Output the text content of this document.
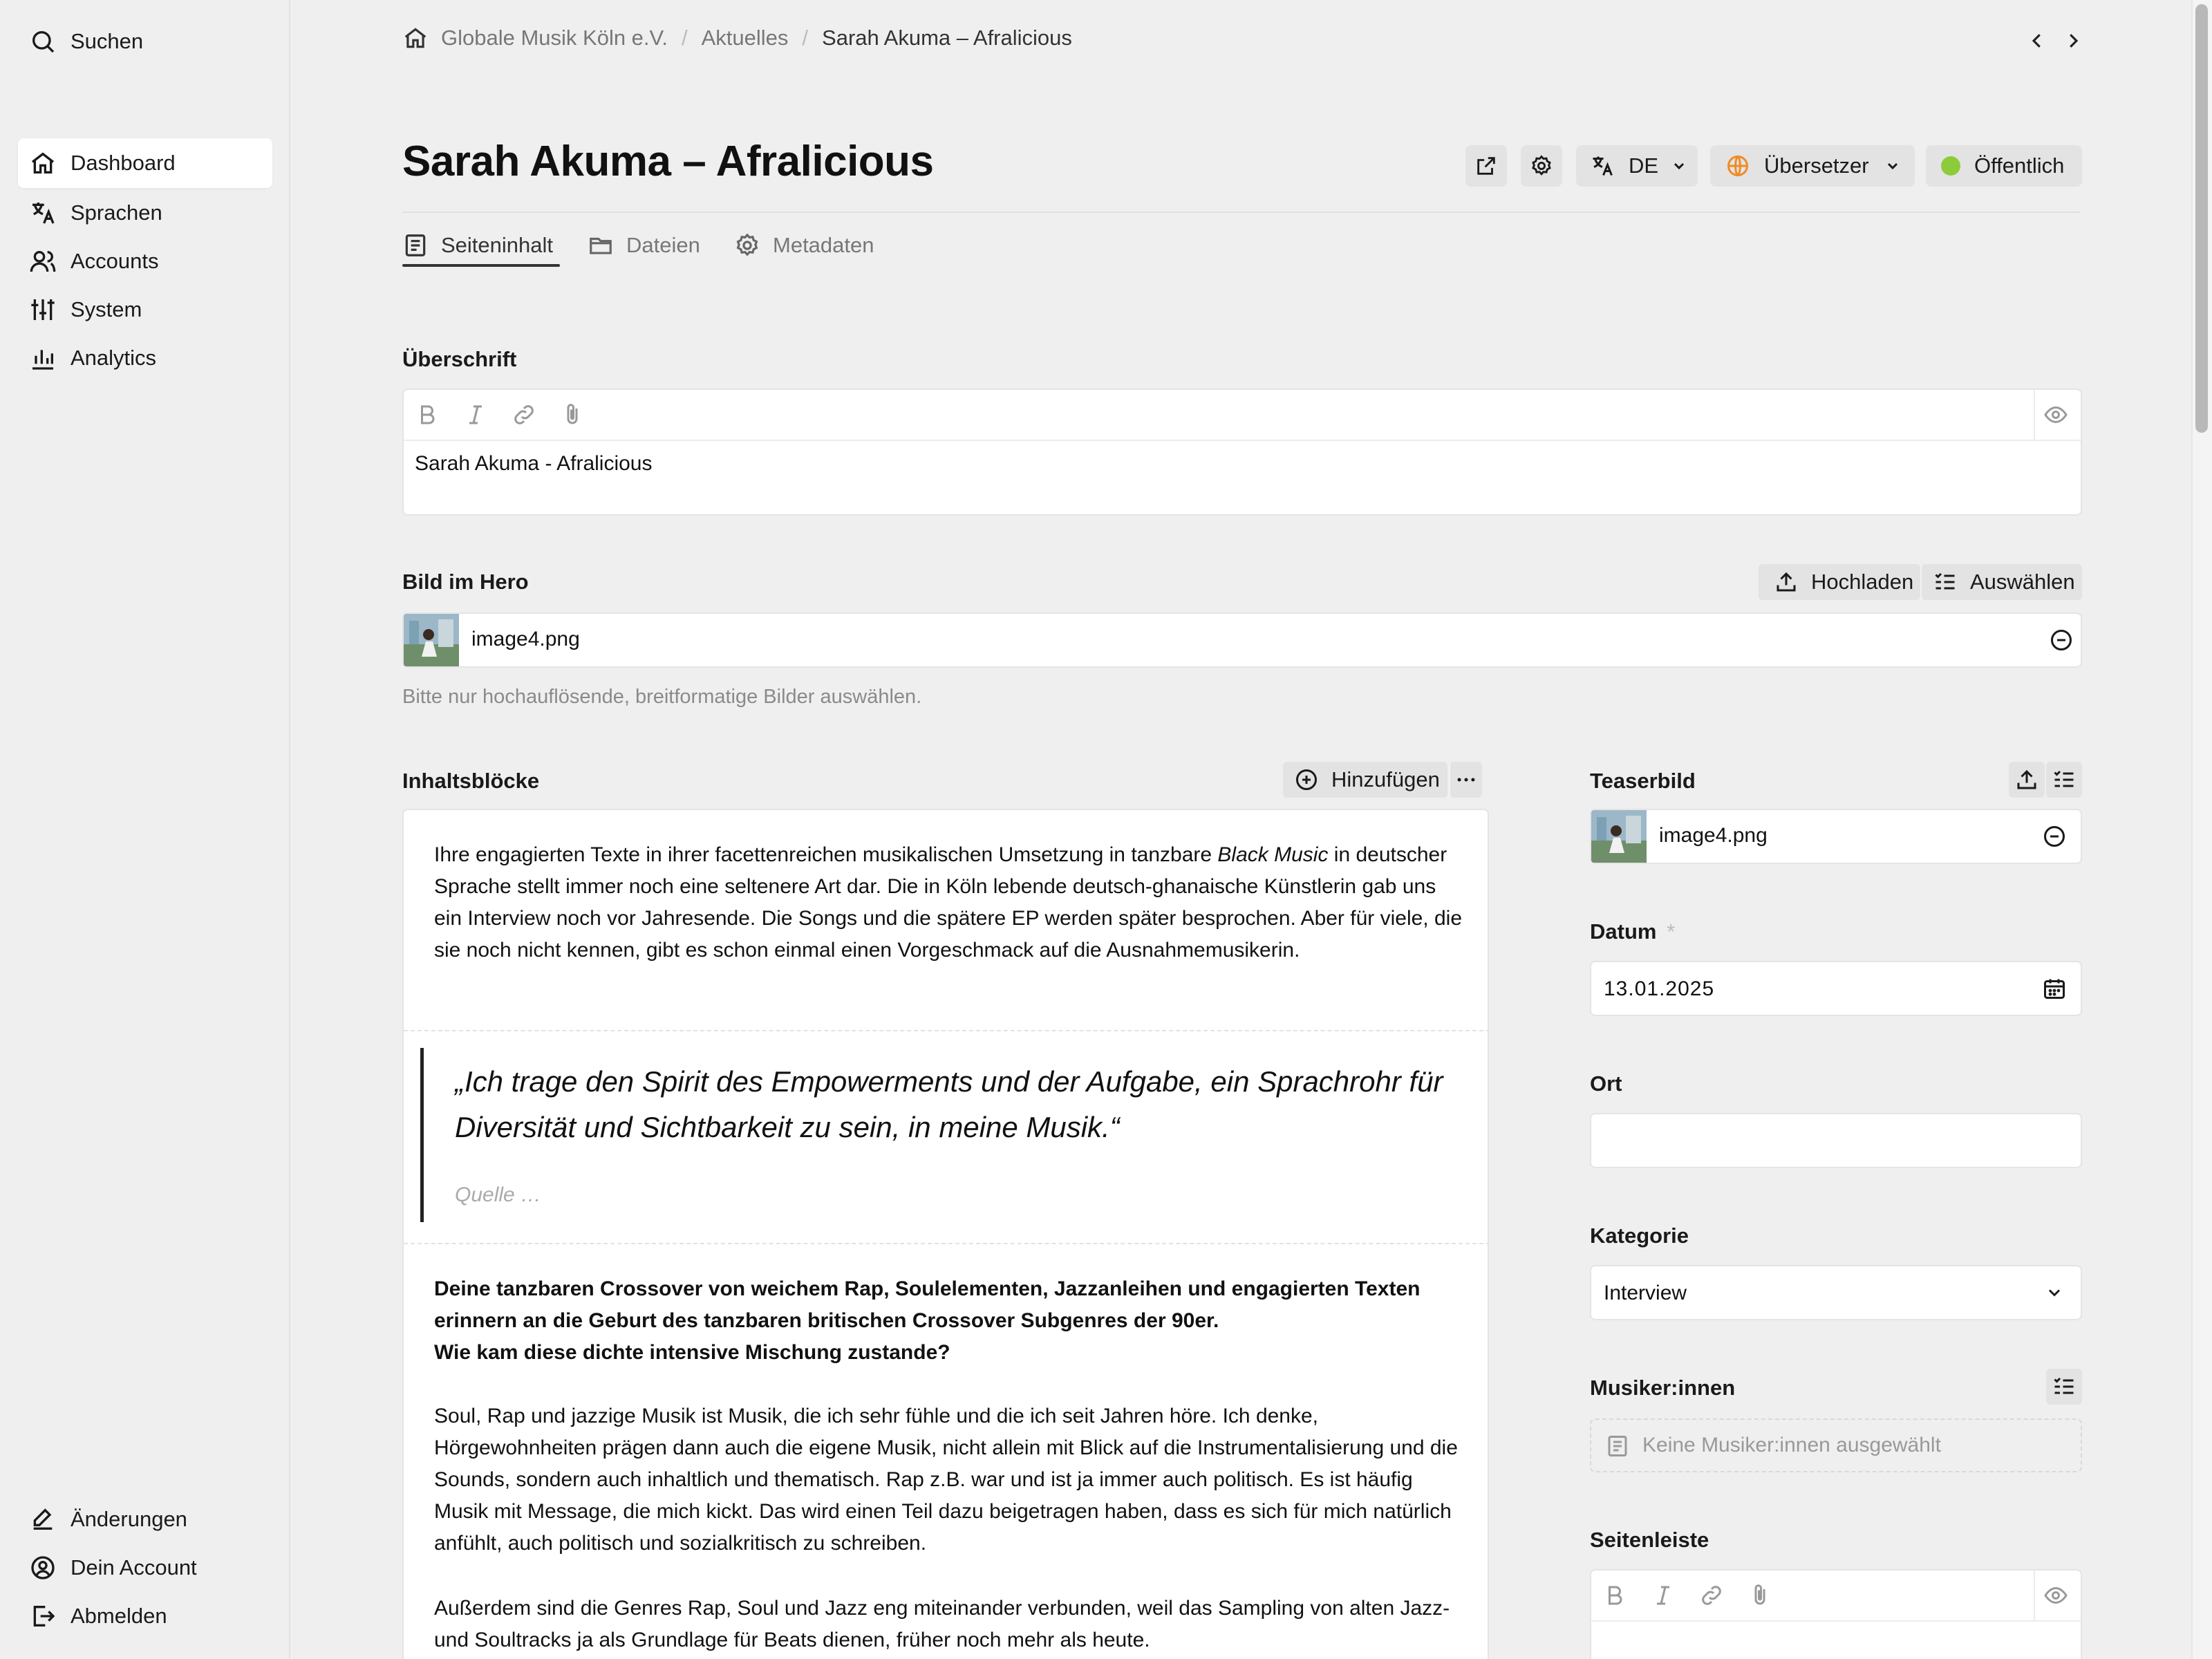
Suchen
Dashboard
Sprachen
Accounts
System
Analytics
Änderungen
Dein Account
Abmelden
Globale Musik Köln e.V. / Aktuelles / Sarah Akuma – Afralicious
Sarah Akuma – Afralicious	DE	Übersetzer	Öffentlich
Seiteninhalt	Dateien	Metadaten
Überschrift
Sarah Akuma - Afralicious
Bild im Hero	Hochladen	Auswählen
image4.png
Bitte nur hochauflösende, breitformatige Bilder auswählen.
Inhaltsblöcke	Hinzufügen
Ihre engagierten Texte in ihrer facettenreichen musikalischen Umsetzung in tanzbare Black Music in deutscher Sprache stellt immer noch eine seltenere Art dar. Die in Köln lebende deutsch-ghanaische Künstlerin gab uns ein Interview noch vor Jahresende. Die Songs und die spätere EP werden später besprochen. Aber für viele, die sie noch nicht kennen, gibt es schon einmal einen Vorgeschmack auf die Ausnahmemusikerin.
„Ich trage den Spirit des Empowerments und der Aufgabe, ein Sprachrohr für Diversität und Sichtbarkeit zu sein, in meine Musik.“
Quelle …
Deine tanzbaren Crossover von weichem Rap, Soulelementen, Jazzanleihen und engagierten Texten erinnern an die Geburt des tanzbaren britischen Crossover Subgenres der 90er.
Wie kam diese dichte intensive Mischung zustande?
Soul, Rap und jazzige Musik ist Musik, die ich sehr fühle und die ich seit Jahren höre. Ich denke, Hörgewohnheiten prägen dann auch die eigene Musik, nicht allein mit Blick auf die Instrumentalisierung und die Sounds, sondern auch inhaltlich und thematisch. Rap z.B. war und ist ja immer auch politisch. Es ist häufig Musik mit Message, die mich kickt. Das wird einen Teil dazu beigetragen haben, dass es sich für mich natürlich anfühlt, auch politisch und sozialkritisch zu schreiben.
Außerdem sind die Genres Rap, Soul und Jazz eng miteinander verbunden, weil das Sampling von alten Jazz- und Soultracks ja als Grundlage für Beats dienen, früher noch mehr als heute.
Teaserbild
image4.png
Datum *
13.01.2025
Ort
Kategorie
Interview
Musiker:innen
Keine Musiker:innen ausgewählt
Seitenleiste
